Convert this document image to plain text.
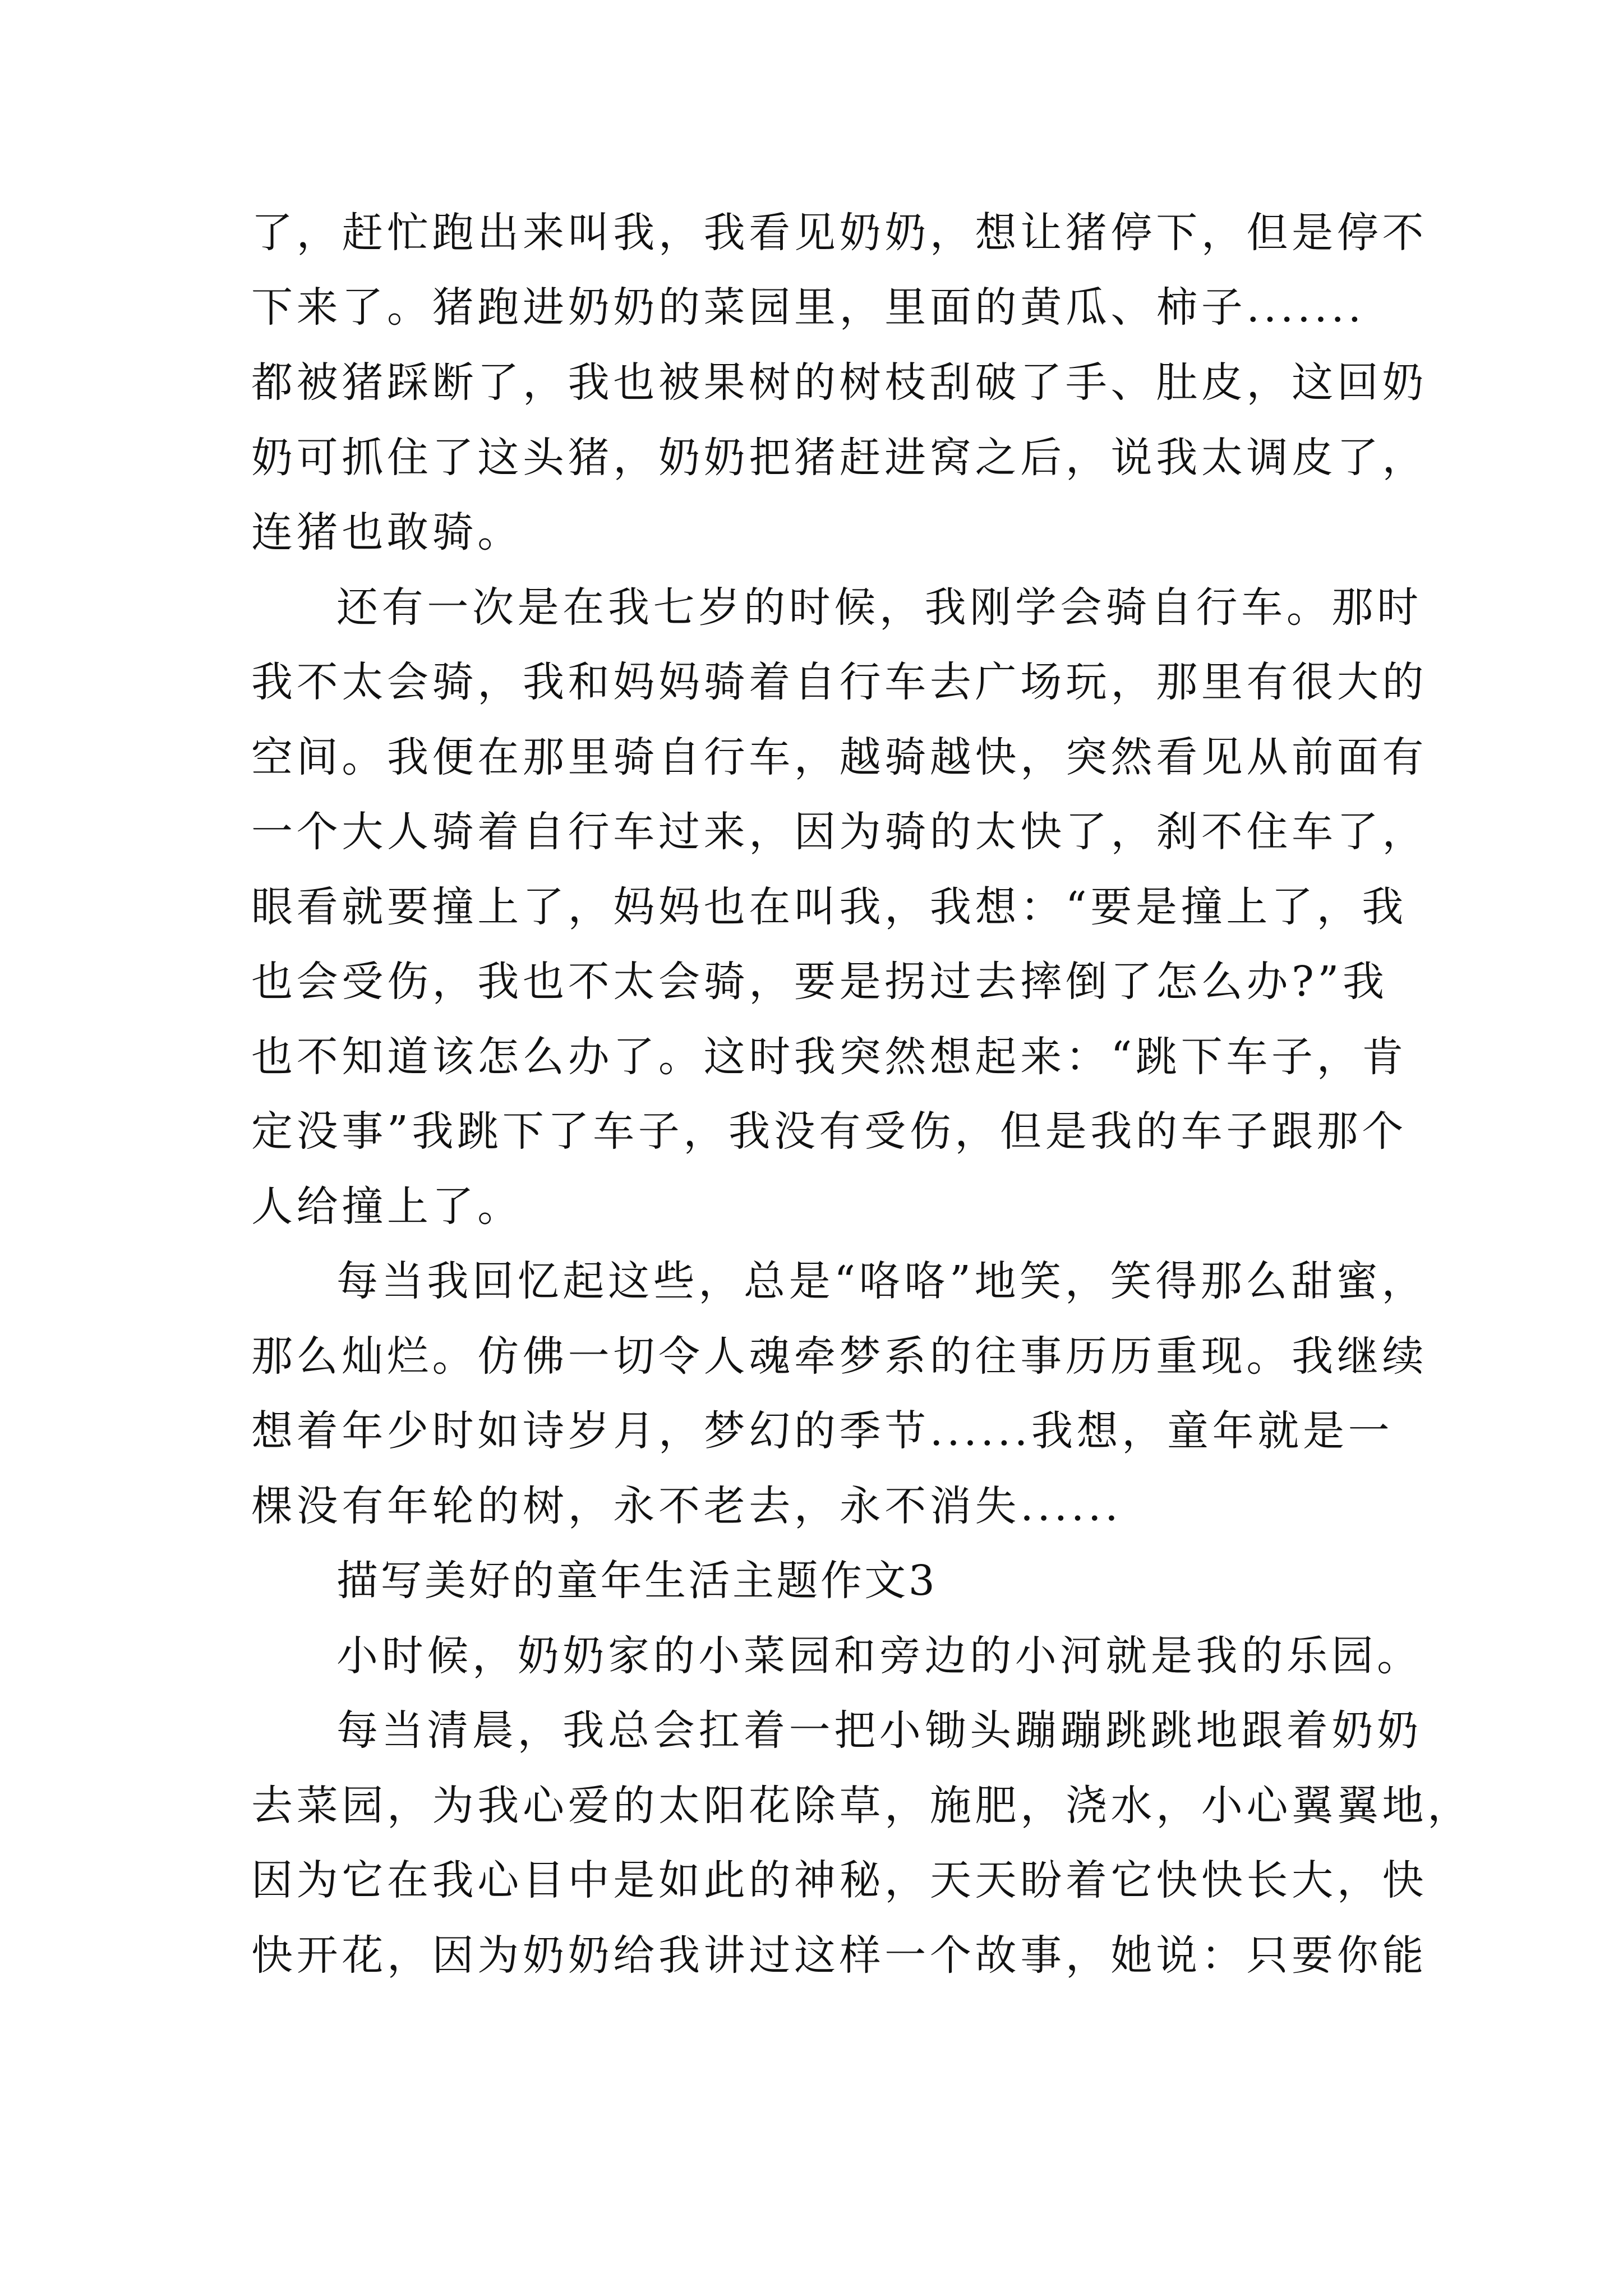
了，赶忙跑出来叫我，我看见奶奶，想让猪停下，但是停不
下来了。猪跑进奶奶的菜园里，里面的黄瓜、柿子.......
都被猪踩断了，我也被果树的树枝刮破了手、肚皮，这回奶
奶可抓住了这头猪，奶奶把猪赶进窝之后，说我太调皮了，
连猪也敢骑。
还有一次是在我七岁的时候，我刚学会骑自行车。那时
我不太会骑，我和妈妈骑着自行车去广场玩，那里有很大的
空间。我便在那里骑自行车，越骑越快，突然看见从前面有
一个大人骑着自行车过来，因为骑的太快了，刹不住车了，
眼看就要撞上了，妈妈也在叫我，我想：“要是撞上了，我
也会受伤，我也不太会骑，要是拐过去摔倒了怎么办?”我
也不知道该怎么办了。这时我突然想起来：“跳下车子，肯
定没事”我跳下了车子，我没有受伤，但是我的车子跟那个
人给撞上了。
每当我回忆起这些，总是“咯咯”地笑，笑得那么甜蜜，
那么灿烂。仿佛一切令人魂牵梦系的往事历历重现。我继续
想着年少时如诗岁月，梦幻的季节......我想，童年就是一
棵没有年轮的树，永不老去，永不消失......
描写美好的童年生活主题作文3
小时候，奶奶家的小菜园和旁边的小河就是我的乐园。
每当清晨，我总会扛着一把小锄头蹦蹦跳跳地跟着奶奶
去菜园，为我心爱的太阳花除草，施肥，浇水，小心翼翼地，
因为它在我心目中是如此的神秘，天天盼着它快快长大，快
快开花，因为奶奶给我讲过这样一个故事，她说：只要你能
